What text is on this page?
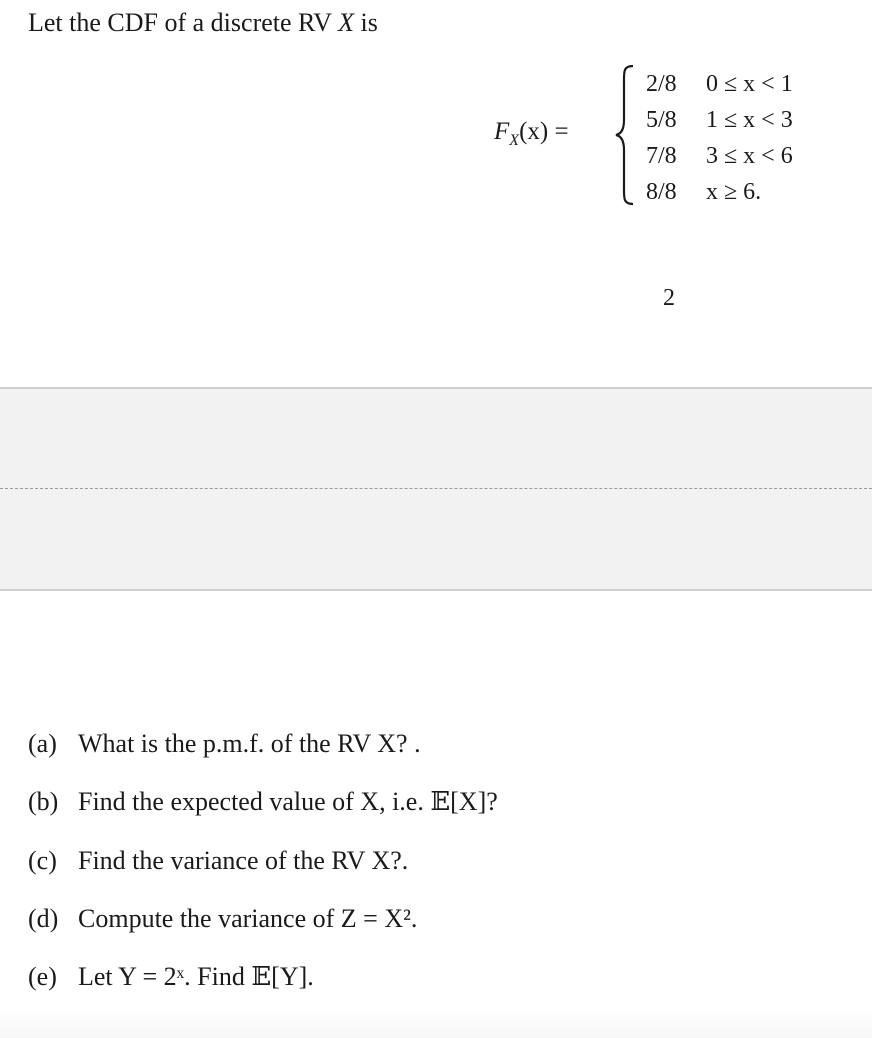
Let the CDF of a discrete RV X is
$F_X(x)$ =
2/8	0 ≤ x < 1
5/8	1 ≤ x < 3
7/8	3 ≤ x < 6
8/8	x ≥ 6.
2
(a) What is the p.m.f. of the RV X? .
(b) Find the expected value of X, i.e. 𝔼[X]?
(c) Find the variance of the RV X?.
(d) Compute the variance of Z = X².
(e) Let Y = 2ˣ. Find 𝔼[Y].
